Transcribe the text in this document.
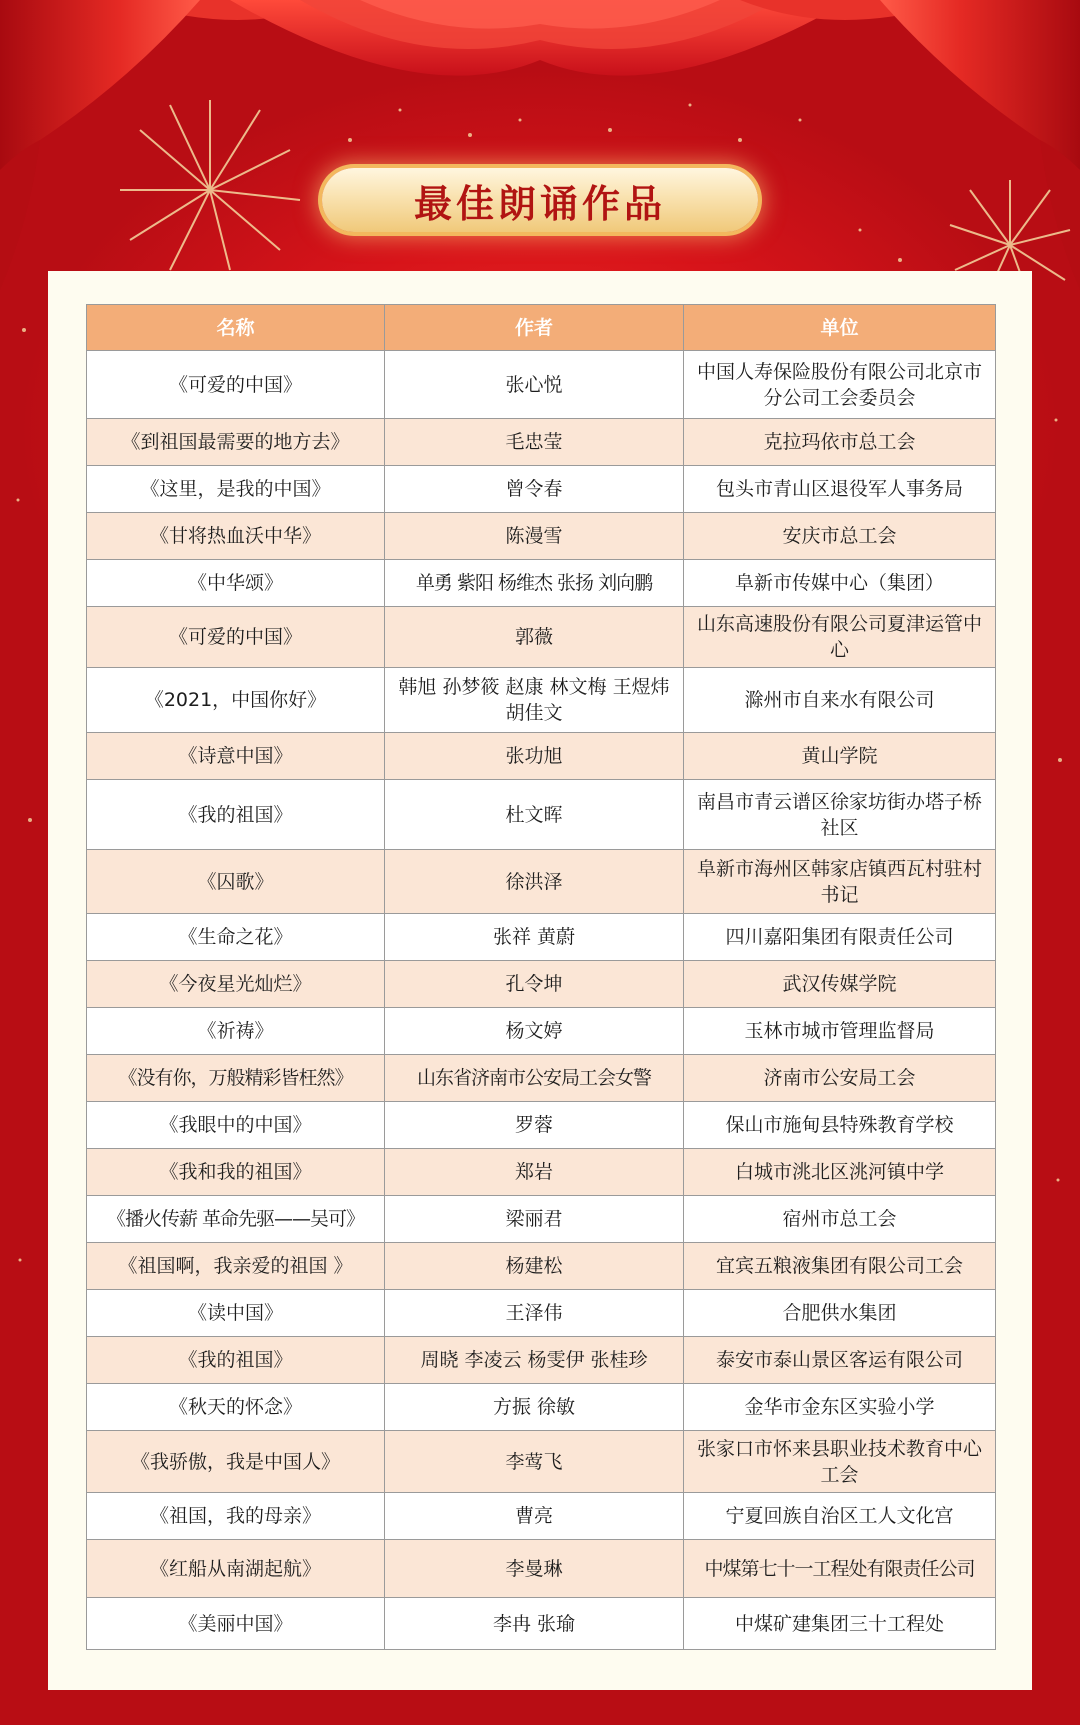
最佳朗诵作品
名称	作者	单位
《可爱的中国》	张心悦	中国人寿保险股份有限公司北京市分公司工会委员会
《到祖国最需要的地方去》	毛忠莹	克拉玛依市总工会
《这里，是我的中国》	曾令春	包头市青山区退役军人事务局
《甘将热血沃中华》	陈漫雪	安庆市总工会
《中华颂》	单勇 紫阳 杨维杰 张扬 刘向鹏	阜新市传媒中心（集团）
《可爱的中国》	郭薇	山东高速股份有限公司夏津运管中心
《2021，中国你好》	韩旭 孙梦筱 赵康 林文梅 王煜炜 胡佳文	滁州市自来水有限公司
《诗意中国》	张功旭	黄山学院
《我的祖国》	杜文晖	南昌市青云谱区徐家坊街办塔子桥社区
《囚歌》	徐洪泽	阜新市海州区韩家店镇西瓦村驻村书记
《生命之花》	张祥 黄蔚	四川嘉阳集团有限责任公司
《今夜星光灿烂》	孔令坤	武汉传媒学院
《祈祷》	杨文婷	玉林市城市管理监督局
《没有你，万般精彩皆枉然》	山东省济南市公安局工会女警	济南市公安局工会
《我眼中的中国》	罗蓉	保山市施甸县特殊教育学校
《我和我的祖国》	郑岩	白城市洮北区洮河镇中学
《播火传薪 革命先驱——吴可》	梁丽君	宿州市总工会
《祖国啊，我亲爱的祖国 》	杨建松	宜宾五粮液集团有限公司工会
《读中国》	王泽伟	合肥供水集团
《我的祖国》	周晓 李凌云 杨雯伊 张桂珍	泰安市泰山景区客运有限公司
《秋天的怀念》	方振 徐敏	金华市金东区实验小学
《我骄傲，我是中国人》	李莺飞	张家口市怀来县职业技术教育中心工会
《祖国，我的母亲》	曹亮	宁夏回族自治区工人文化宫
《红船从南湖起航》	李曼琳	中煤第七十一工程处有限责任公司
《美丽中国》	李冉 张瑜	中煤矿建集团三十工程处
